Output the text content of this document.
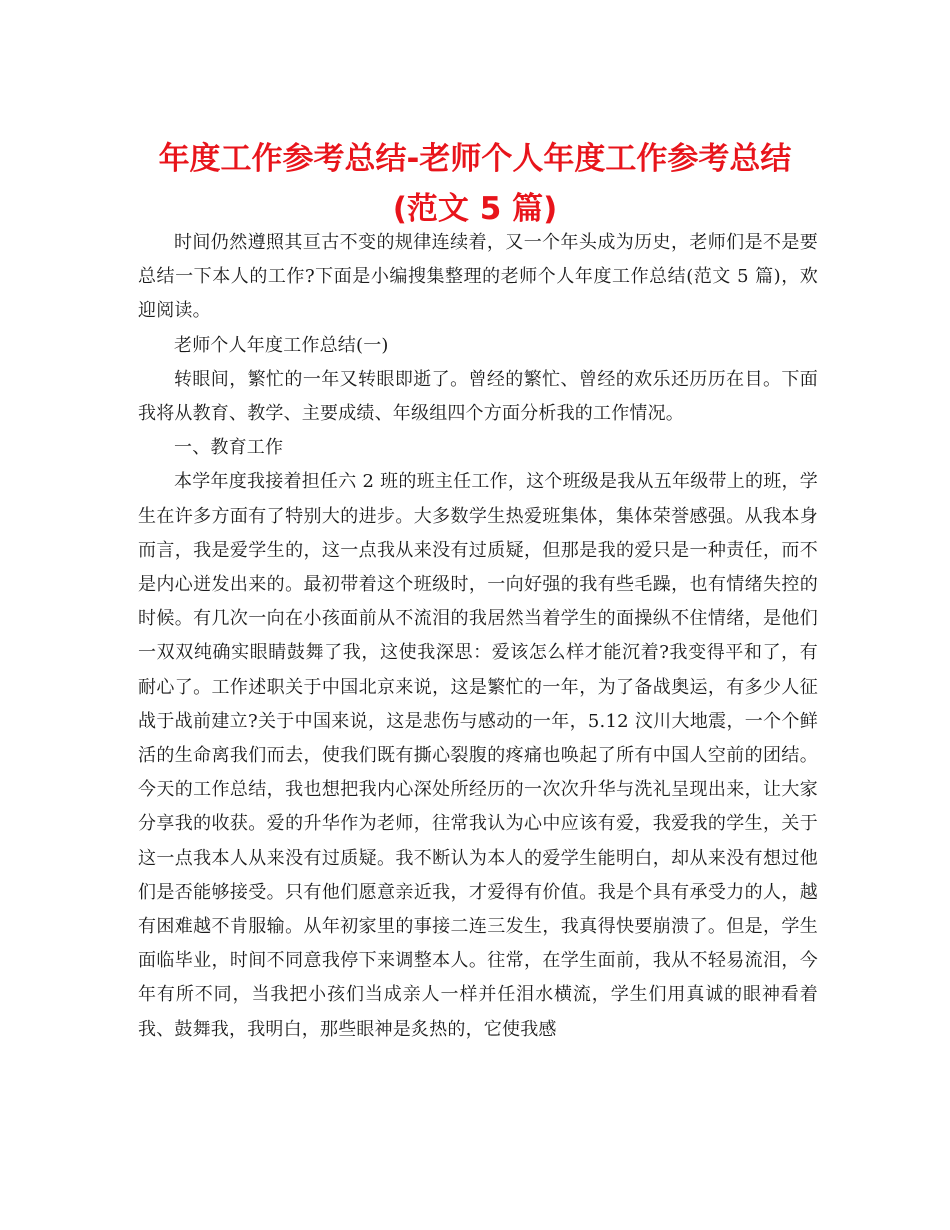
年度工作参考总结-老师个人年度工作参考总结
(范文 5 篇)

时间仍然遵照其亘古不变的规律连续着，又一个年头成为历史，老师们是不是要总结一下本人的工作?下面是小编搜集整理的老师个人年度工作总结(范文 5 篇)，欢迎阅读。

老师个人年度工作总结(一)

转眼间，繁忙的一年又转眼即逝了。曾经的繁忙、曾经的欢乐还历历在目。下面我将从教育、教学、主要成绩、年级组四个方面分析我的工作情况。

一、教育工作

本学年度我接着担任六 2 班的班主任工作，这个班级是我从五年级带上的班，学生在许多方面有了特别大的进步。大多数学生热爱班集体，集体荣誉感强。从我本身而言，我是爱学生的，这一点我从来没有过质疑，但那是我的爱只是一种责任，而不是内心迸发出来的。最初带着这个班级时，一向好强的我有些毛躁，也有情绪失控的时候。有几次一向在小孩面前从不流泪的我居然当着学生的面操纵不住情绪，是他们一双双纯确实眼睛鼓舞了我，这使我深思：爱该怎么样才能沉着?我变得平和了，有耐心了。工作述职关于中国北京来说，这是繁忙的一年，为了备战奥运，有多少人征战于战前建立?关于中国来说，这是悲伤与感动的一年，5.12 汶川大地震，一个个鲜活的生命离我们而去，使我们既有撕心裂腹的疼痛也唤起了所有中国人空前的团结。今天的工作总结，我也想把我内心深处所经历的一次次升华与洗礼呈现出来，让大家分享我的收获。爱的升华作为老师，往常我认为心中应该有爱，我爱我的学生，关于这一点我本人从来没有过质疑。我不断认为本人的爱学生能明白，却从来没有想过他们是否能够接受。只有他们愿意亲近我，才爱得有价值。我是个具有承受力的人，越有困难越不肯服输。从年初家里的事接二连三发生，我真得快要崩溃了。但是，学生面临毕业，时间不同意我停下来调整本人。往常，在学生面前，我从不轻易流泪，今年有所不同，当我把小孩们当成亲人一样并任泪水横流，学生们用真诚的眼神看着我、鼓舞我，我明白，那些眼神是炙热的，它使我感
